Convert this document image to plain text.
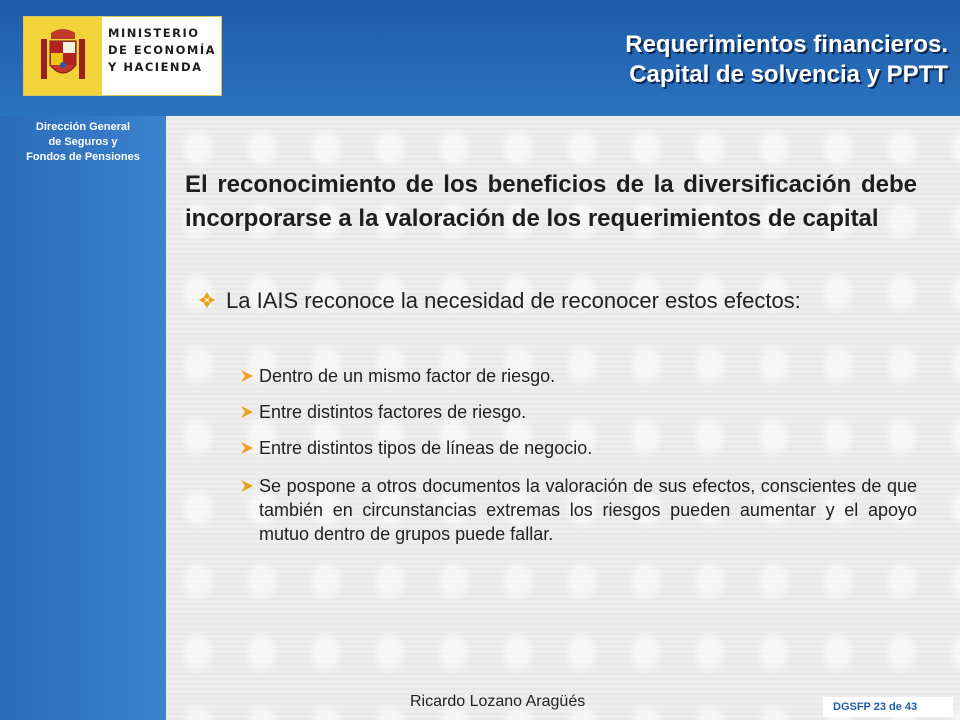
MINISTERIO
DE ECONOMÍA
Y HACIENDA
Dirección General
de Seguros y
Fondos de Pensiones
Requerimientos financieros.
Capital de solvencia y PPTT
El reconocimiento de los beneficios de la diversificación debe incorporarse a la valoración de los requerimientos de capital
La IAIS reconoce la necesidad de reconocer estos efectos:
Dentro de un mismo factor de riesgo.
Entre distintos factores de riesgo.
Entre distintos tipos de líneas de negocio.
Se pospone a otros documentos la valoración de sus efectos, conscientes de que también en circunstancias extremas los riesgos pueden aumentar y el apoyo mutuo dentro de grupos puede fallar.
Ricardo Lozano Aragüés	DGSFP 23 de 43
